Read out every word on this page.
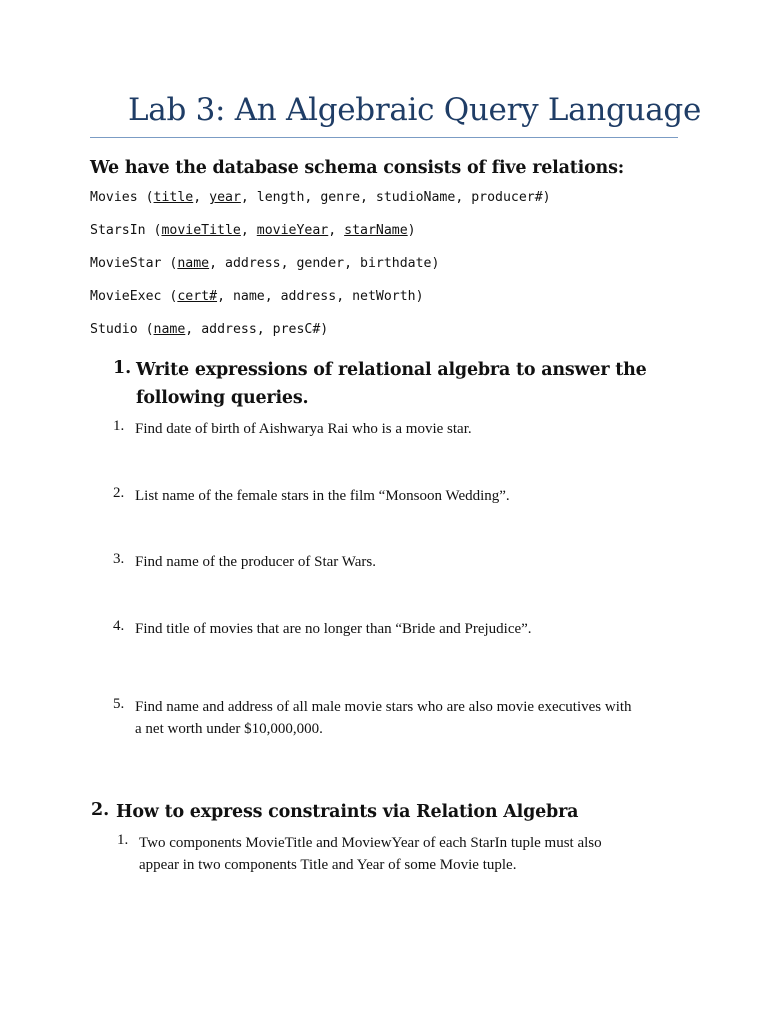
Lab 3: An Algebraic Query Language
We have the database schema consists of five relations:
Movies (title, year, length, genre, studioName, producer#)
StarsIn (movieTitle, movieYear, starName)
MovieStar (name, address, gender, birthdate)
MovieExec (cert#, name, address, netWorth)
Studio (name, address, presC#)
1. Write expressions of relational algebra to answer the
following queries.
1. Find date of birth of Aishwarya Rai who is a movie star.
2. List name of the female stars in the film “Monsoon Wedding”.
3. Find name of the producer of Star Wars.
4. Find title of movies that are no longer than “Bride and Prejudice”.
5. Find name and address of all male movie stars who are also movie executives with
a net worth under $10,000,000.
2. How to express constraints via Relation Algebra
1. Two components MovieTitle and MoviewYear of each StarIn tuple must also
appear in two components Title and Year of some Movie tuple.
